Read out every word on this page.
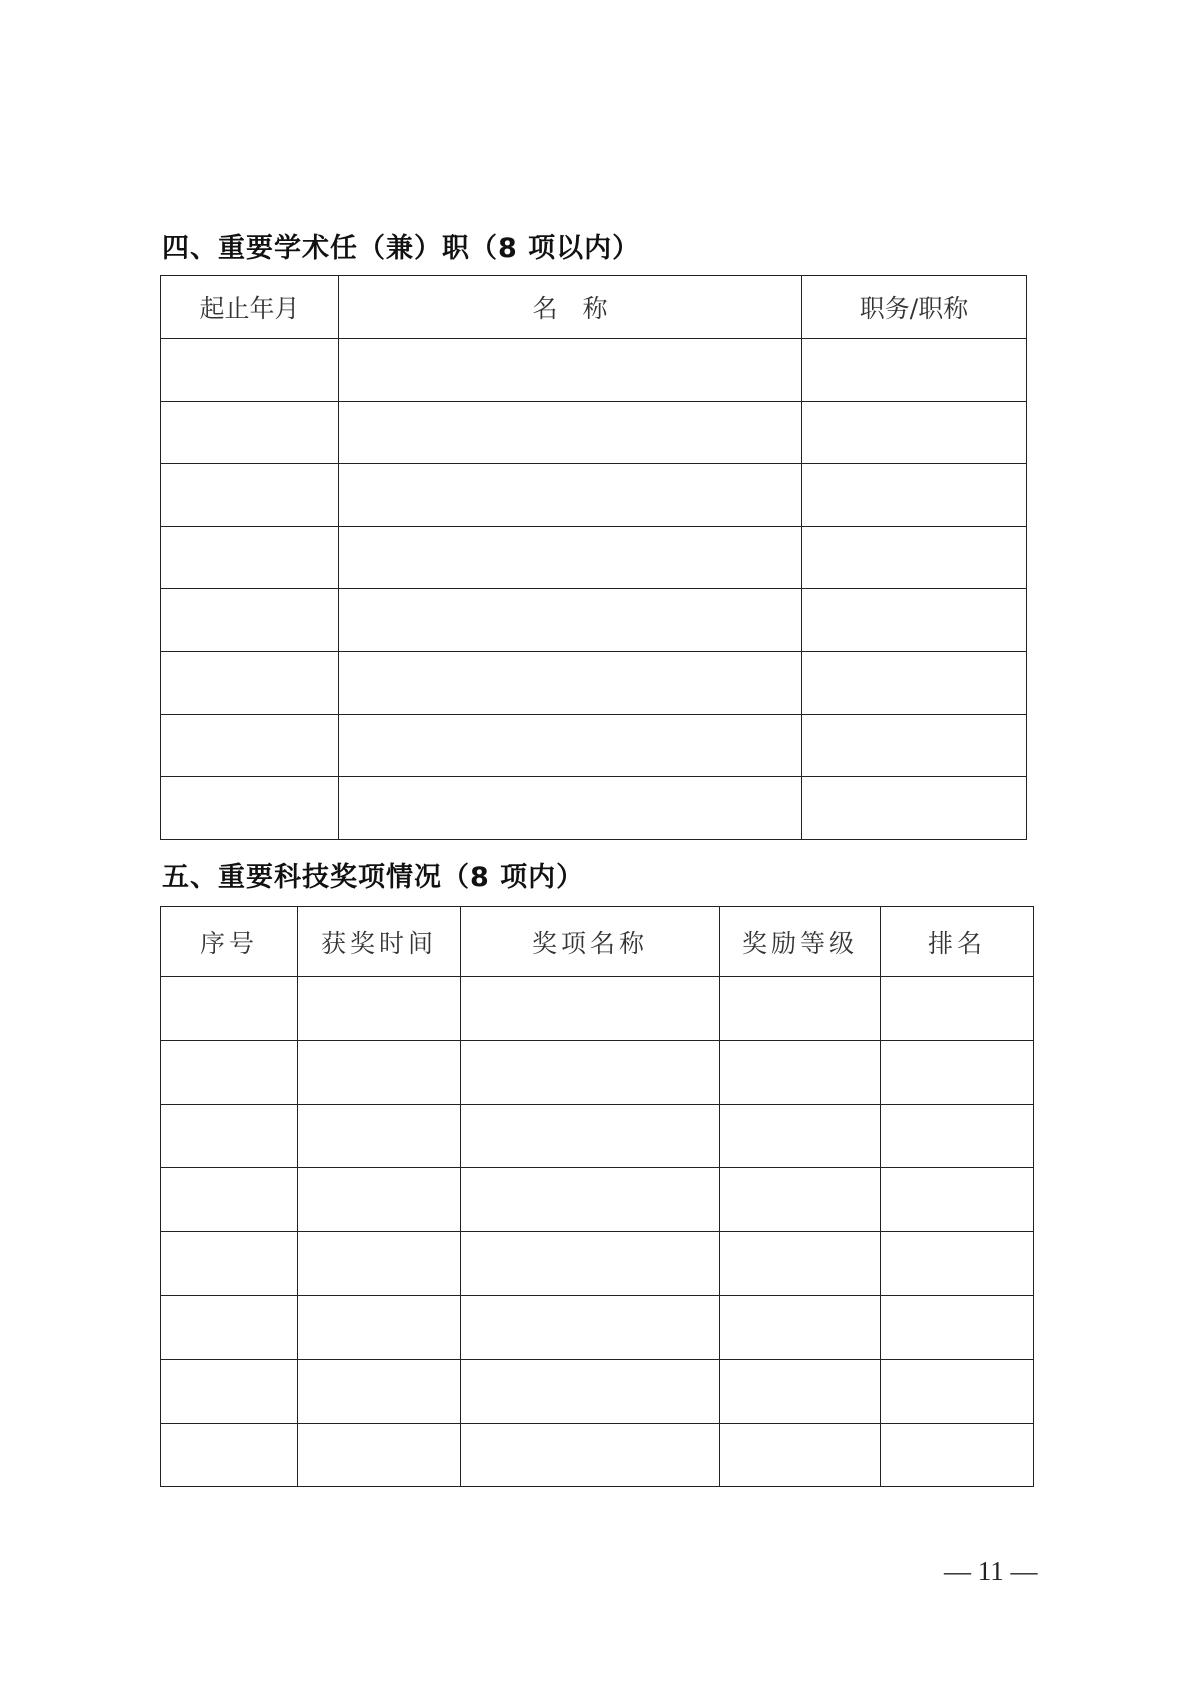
四、重要学术任（兼）职（8 项以内）
起止年月	名　称	职务/职称

五、重要科技奖项情况（8 项内）
序号	获奖时间	奖项名称	奖励等级	排名

— 11 —
